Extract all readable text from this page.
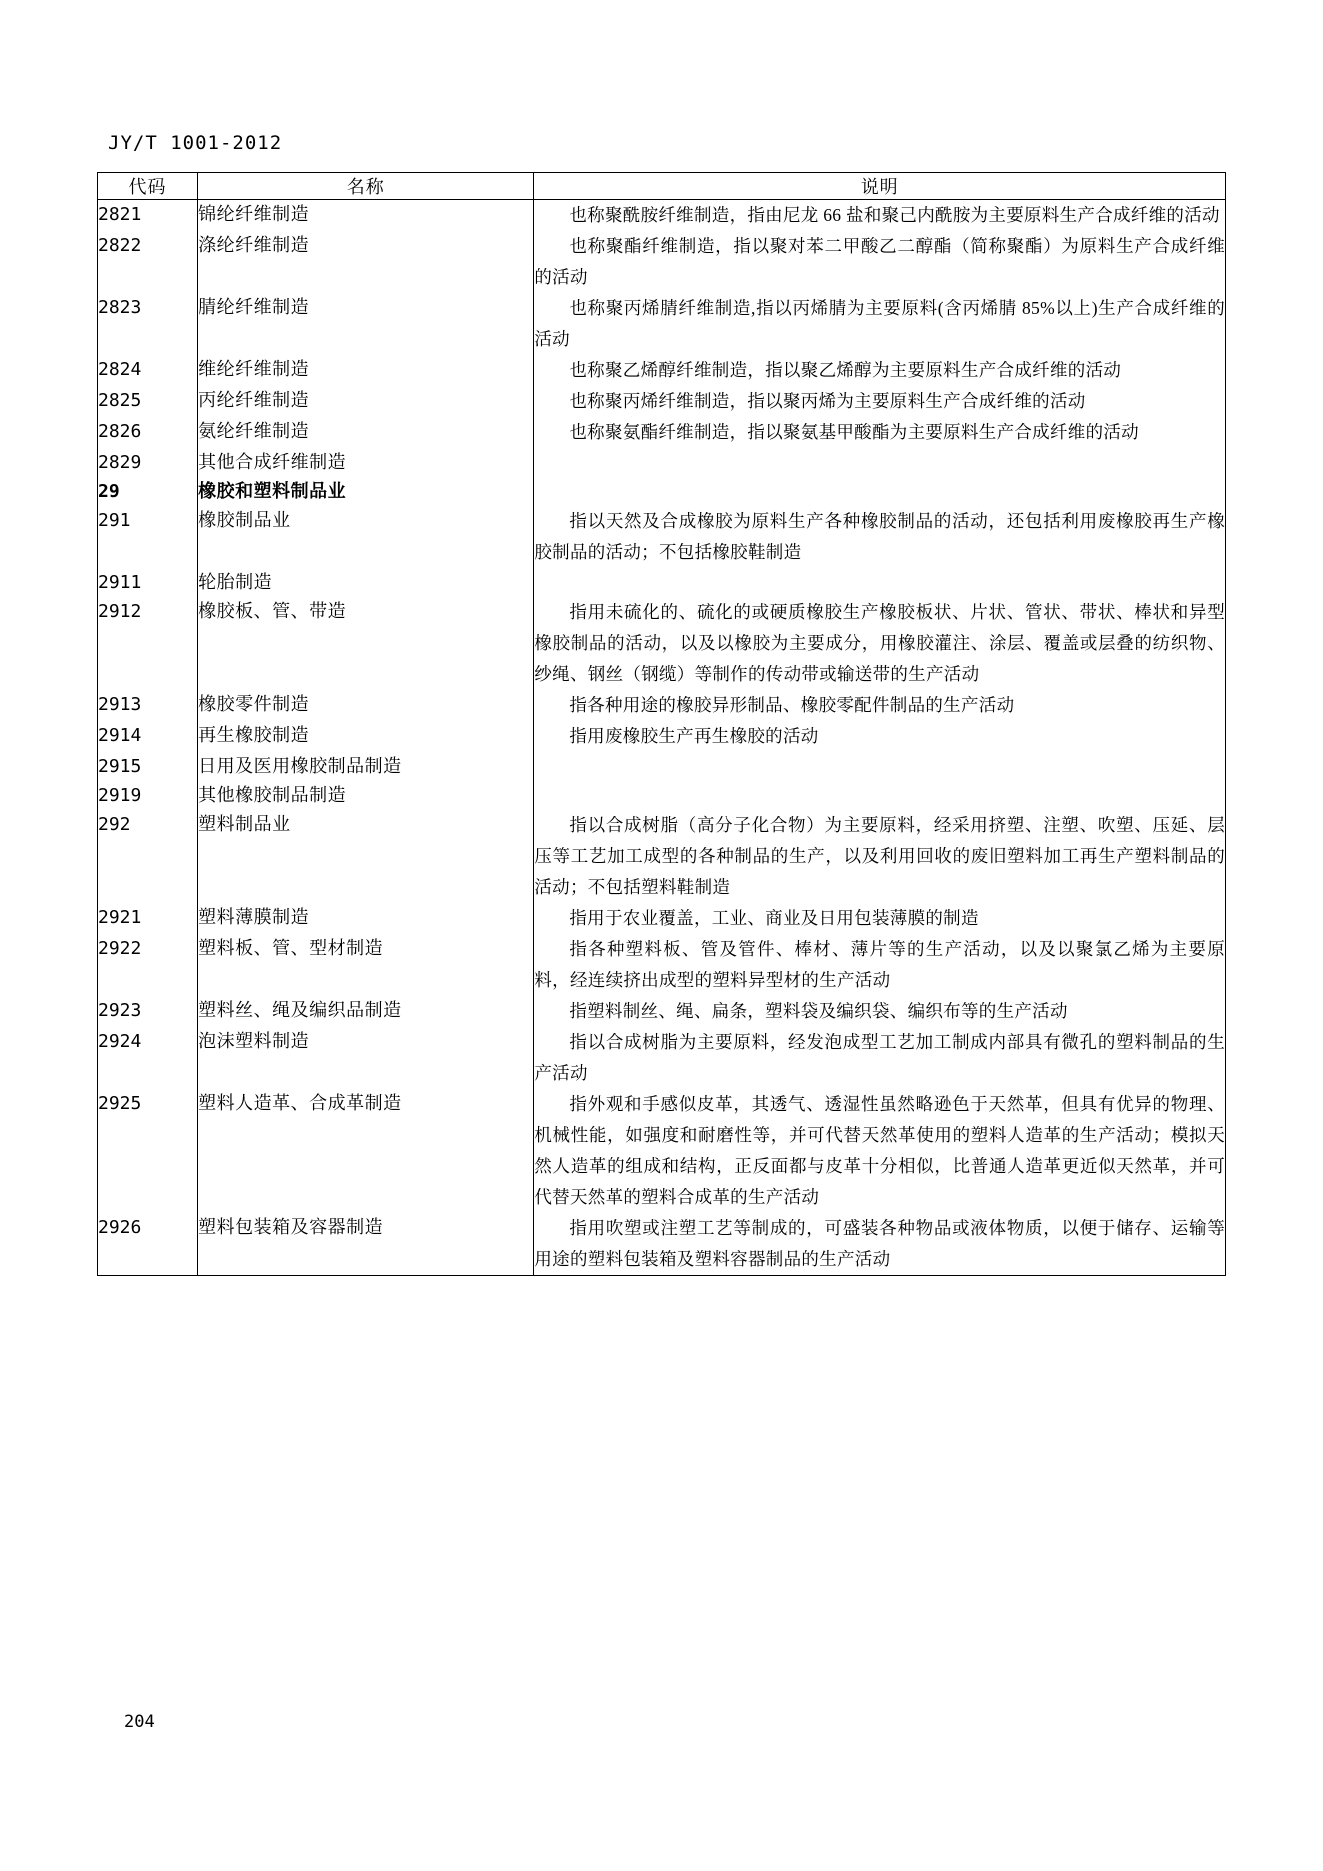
JY/T 1001-2012
代码	名称	说明
2821	锦纶纤维制造	也称聚酰胺纤维制造，指由尼龙 66 盐和聚己内酰胺为主要原料生产合成纤维的活动

2822	涤纶纤维制造	也称聚酯纤维制造，指以聚对苯二甲酸乙二醇酯（简称聚酯）为原料生产合成纤维的活动

2823	腈纶纤维制造	也称聚丙烯腈纤维制造,指以丙烯腈为主要原料(含丙烯腈 85%以上)生产合成纤维的活动

2824	维纶纤维制造	也称聚乙烯醇纤维制造，指以聚乙烯醇为主要原料生产合成纤维的活动

2825	丙纶纤维制造	也称聚丙烯纤维制造，指以聚丙烯为主要原料生产合成纤维的活动

2826	氨纶纤维制造	也称聚氨酯纤维制造，指以聚氨基甲酸酯为主要原料生产合成纤维的活动

2829	其他合成纤维制造	

29	橡胶和塑料制品业	

291	橡胶制品业	指以天然及合成橡胶为原料生产各种橡胶制品的活动，还包括利用废橡胶再生产橡胶制品的活动；不包括橡胶鞋制造

2911	轮胎制造	

2912	橡胶板、管、带造	指用未硫化的、硫化的或硬质橡胶生产橡胶板状、片状、管状、带状、棒状和异型橡胶制品的活动，以及以橡胶为主要成分，用橡胶灌注、涂层、覆盖或层叠的纺织物、纱绳、钢丝（钢缆）等制作的传动带或输送带的生产活动

2913	橡胶零件制造	指各种用途的橡胶异形制品、橡胶零配件制品的生产活动

2914	再生橡胶制造	指用废橡胶生产再生橡胶的活动

2915	日用及医用橡胶制品制造	

2919	其他橡胶制品制造	

292	塑料制品业	指以合成树脂（高分子化合物）为主要原料，经采用挤塑、注塑、吹塑、压延、层压等工艺加工成型的各种制品的生产，以及利用回收的废旧塑料加工再生产塑料制品的活动；不包括塑料鞋制造

2921	塑料薄膜制造	指用于农业覆盖，工业、商业及日用包装薄膜的制造

2922	塑料板、管、型材制造	指各种塑料板、管及管件、棒材、薄片等的生产活动，以及以聚氯乙烯为主要原料，经连续挤出成型的塑料异型材的生产活动

2923	塑料丝、绳及编织品制造	指塑料制丝、绳、扁条，塑料袋及编织袋、编织布等的生产活动

2924	泡沫塑料制造	指以合成树脂为主要原料，经发泡成型工艺加工制成内部具有微孔的塑料制品的生产活动

2925	塑料人造革、合成革制造	指外观和手感似皮革，其透气、透湿性虽然略逊色于天然革，但具有优异的物理、机械性能，如强度和耐磨性等，并可代替天然革使用的塑料人造革的生产活动；模拟天然人造革的组成和结构，正反面都与皮革十分相似，比普通人造革更近似天然革，并可代替天然革的塑料合成革的生产活动

2926	塑料包装箱及容器制造	指用吹塑或注塑工艺等制成的，可盛装各种物品或液体物质，以便于储存、运输等用途的塑料包装箱及塑料容器制品的生产活动

204
